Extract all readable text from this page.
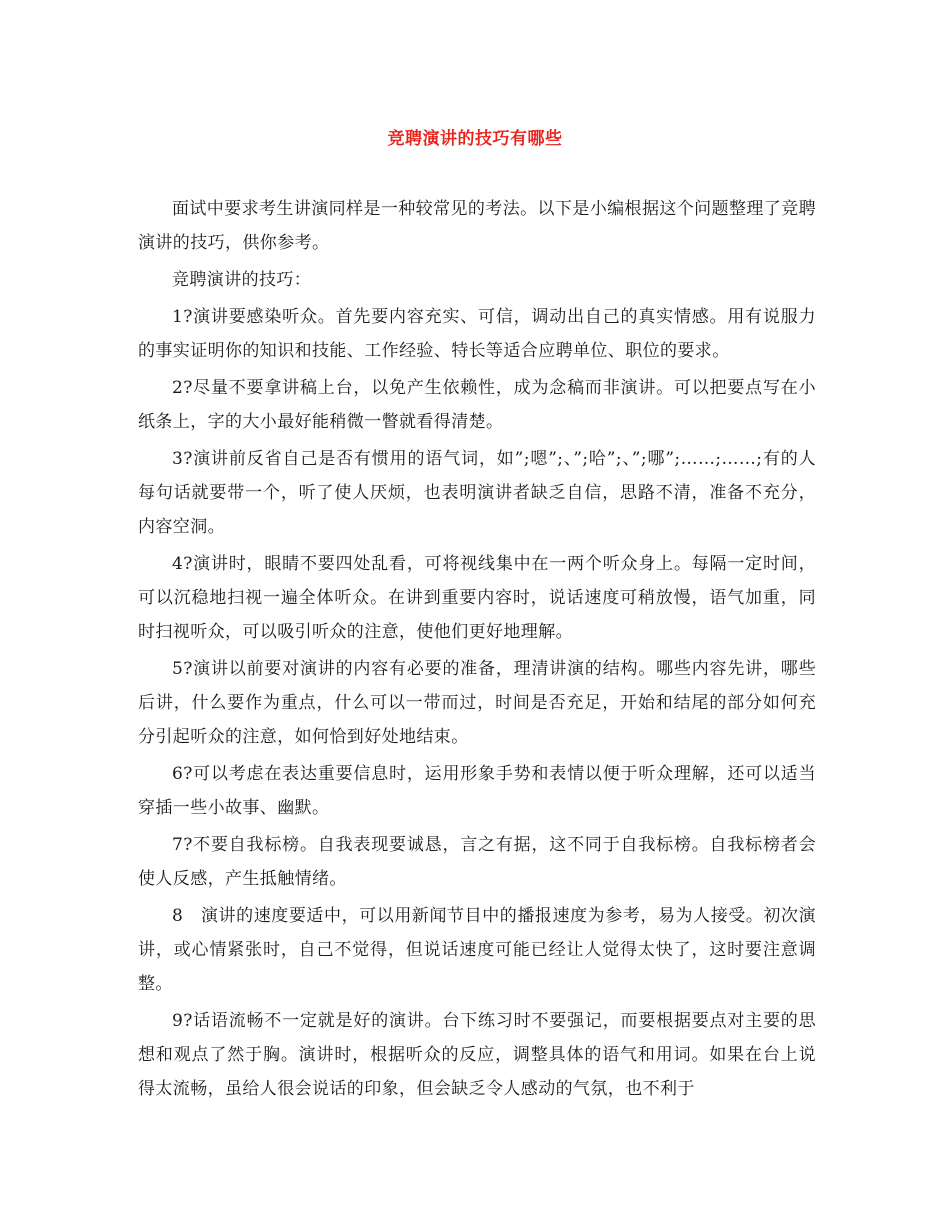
竞聘演讲的技巧有哪些

面试中要求考生讲演同样是一种较常见的考法。以下是小编根据这个问题整理了竞聘演讲的技巧，供你参考。

竞聘演讲的技巧：

1?演讲要感染听众。首先要内容充实、可信，调动出自己的真实情感。用有说服力的事实证明你的知识和技能、工作经验、特长等适合应聘单位、职位的要求。

2?尽量不要拿讲稿上台，以免产生依赖性，成为念稿而非演讲。可以把要点写在小纸条上，字的大小最好能稍微一瞥就看得清楚。

3?演讲前反省自己是否有惯用的语气词，如”;嗯”;、”;哈”;、”;哪”;……;……;有的人每句话就要带一个，听了使人厌烦，也表明演讲者缺乏自信，思路不清，准备不充分，内容空洞。

4?演讲时，眼睛不要四处乱看，可将视线集中在一两个听众身上。每隔一定时间，可以沉稳地扫视一遍全体听众。在讲到重要内容时，说话速度可稍放慢，语气加重，同时扫视听众，可以吸引听众的注意，使他们更好地理解。

5?演讲以前要对演讲的内容有必要的准备，理清讲演的结构。哪些内容先讲，哪些后讲，什么要作为重点，什么可以一带而过，时间是否充足，开始和结尾的部分如何充分引起听众的注意，如何恰到好处地结束。

6?可以考虑在表达重要信息时，运用形象手势和表情以便于听众理解，还可以适当穿插一些小故事、幽默。

7?不要自我标榜。自我表现要诚恳，言之有据，这不同于自我标榜。自我标榜者会使人反感，产生抵触情绪。

8　演讲的速度要适中，可以用新闻节目中的播报速度为参考，易为人接受。初次演讲，或心情紧张时，自己不觉得，但说话速度可能已经让人觉得太快了，这时要注意调整。

9?话语流畅不一定就是好的演讲。台下练习时不要强记，而要根据要点对主要的思想和观点了然于胸。演讲时，根据听众的反应，调整具体的语气和用词。如果在台上说得太流畅，虽给人很会说话的印象，但会缺乏令人感动的气氛，也不利于
